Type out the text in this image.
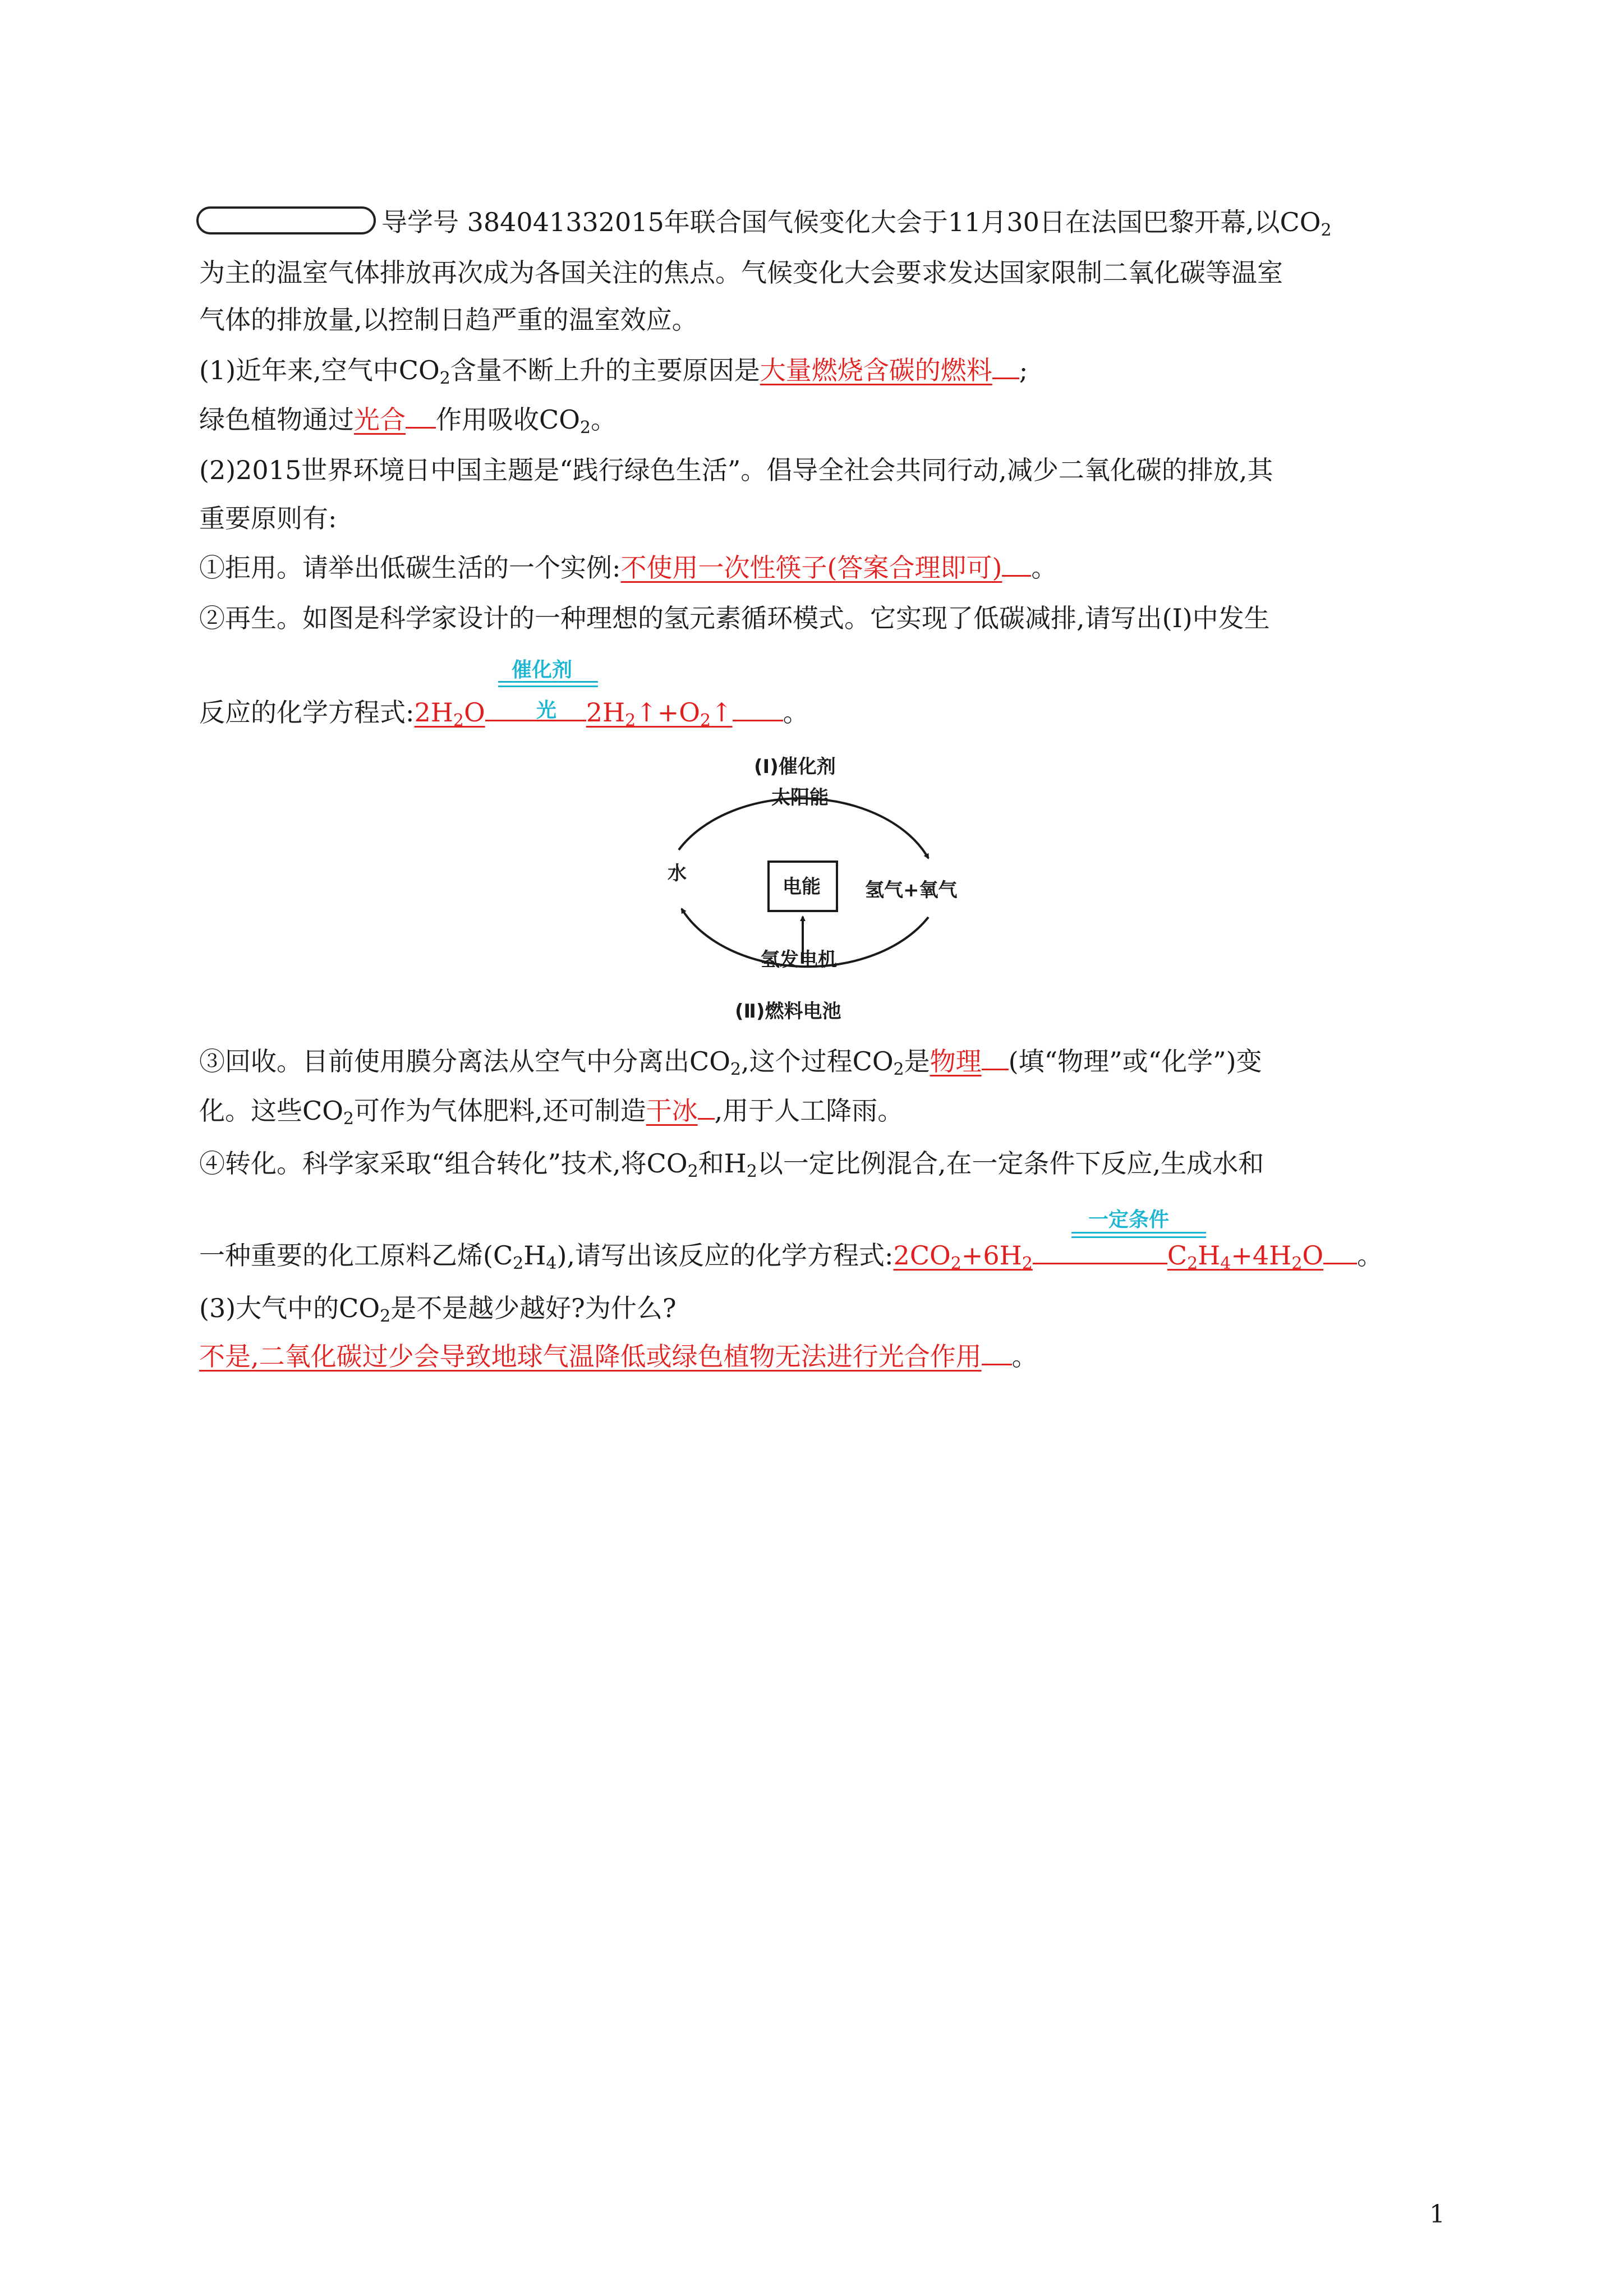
导学号 384041332015年联合国气候变化大会于11月30日在法国巴黎开幕,以$CO_2$
为主的温室气体排放再次成为各国关注的焦点。气候变化大会要求发达国家限制二氧化碳等温室
气体的排放量,以控制日趋严重的温室效应。
(1)近年来,空气中$CO_2$含量不断上升的主要原因是大量燃烧含碳的燃料 ;
绿色植物通过光合 作用吸收$CO_2$。
(2)2015世界环境日中国主题是“践行绿色生活”。倡导全社会共同行动,减少二氧化碳的排放,其
重要原则有:
①拒用。请举出低碳生活的一个实例:不使用一次性筷子(答案合理即可) 。
②再生。如图是科学家设计的一种理想的氢元素循环模式。它实现了低碳减排,请写出(Ⅰ)中发生
催化剂
光
反应的化学方程式$:2H_2O$	$2H_2↑+O_2↑$ 。
(Ⅰ)催化剂
太阳能
水
电能 氢气+氧气
氢发电机
(Ⅱ)燃料电池
③回收。目前使用膜分离法从空气中分离出$CO_2$,这个过程$CO_2$是物理 (填“物理”或“化学”)变
化。这些$CO_2$可作为气体肥料,还可制造干冰 ,用于人工降雨。
④转化。科学家采取“组合转化”技术,将$CO_2$和$H_2$以一定比例混合,在一定条件下反应,生成水和
一定条件
一种重要的化工原料乙烯$(C_2H_4)$,请写出该反应的化学方程式$:2CO_2+6H_2$	$C_2H_4+4H_2O$ 。
(3)大气中的$CO_2$是不是越少越好?为什么?
不是,二氧化碳过少会导致地球气温降低或绿色植物无法进行光合作用 。
1
